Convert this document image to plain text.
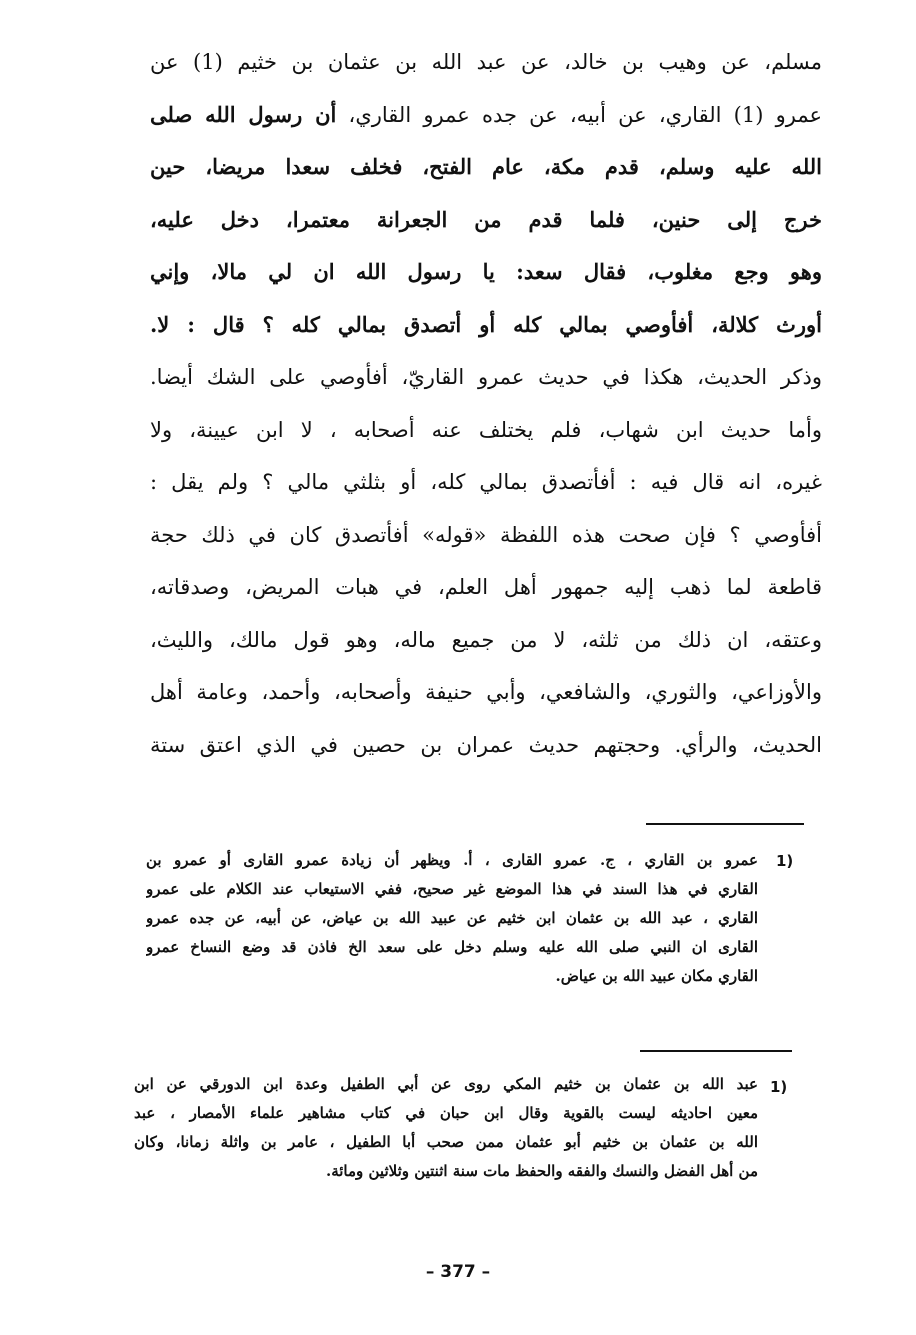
مسلم، عن وهيب بن خالد، عن عبد الله بن عثمان بن خثيم (1) عن
عمرو (1) القاري، عن أبيه، عن جده عمرو القاري، أن رسول الله صلى
الله عليه وسلم، قدم مكة، عام الفتح، فخلف سعدا مريضا، حين
خرج إلى حنين، فلما قدم من الجعرانة معتمرا، دخل عليه،
وهو وجع مغلوب، فقال سعد: يا رسول الله ان لي مالا، وإني
أورث كلالة، أفأوصي بمالي كله أو أتصدق بمالي كله ؟ قال : لا.
وذكر الحديث، هكذا في حديث عمرو القاريّ، أفأوصي على الشك أيضا.
وأما حديث ابن شهاب، فلم يختلف عنه أصحابه ، لا ابن عيينة، ولا
غيره، انه قال فيه : أفأتصدق بمالي كله، أو بثلثي مالي ؟ ولم يقل :
أفأوصي ؟ فإن صحت هذه اللفظة «قوله» أفأتصدق كان في ذلك حجة
قاطعة لما ذهب إليه جمهور أهل العلم، في هبات المريض، وصدقاته،
وعتقه، ان ذلك من ثلثه، لا من جميع ماله، وهو قول مالك، والليث،
والأوزاعي، والثوري، والشافعي، وأبي حنيفة وأصحابه، وأحمد، وعامة أهل
الحديث، والرأي. وحجتهم حديث عمران بن حصين في الذي اعتق ستة
عمرو بن القاري ، ج. عمرو القارى ، أ. ويظهر أن زيادة عمرو القارى أو عمرو بن
القاري في هذا السند في هذا الموضع غير صحيح، ففي الاستيعاب عند الكلام على عمرو
القاري ، عبد الله بن عثمان ابن خثيم عن عبيد الله بن عياض، عن أبيه، عن جده عمرو
القارى ان النبي صلى الله عليه وسلم دخل على سعد الخ فاذن قد وضع النساخ عمرو
القاري مكان عبيد الله بن عياض.
1)
عبد الله بن عثمان بن خثيم المكي روى عن أبي الطفيل وعدة ابن الدورقي عن ابن
معين احاديثه ليست بالقوية وقال ابن حبان في كتاب مشاهير علماء الأمصار ، عبد
الله بن عثمان بن خثيم أبو عثمان ممن صحب أبا الطفيل ، عامر بن واثلة زمانا، وكان
من أهل الفضل والنسك والفقه والحفظ مات سنة اثنتين وثلاثين ومائة.
1)
– 377 –
